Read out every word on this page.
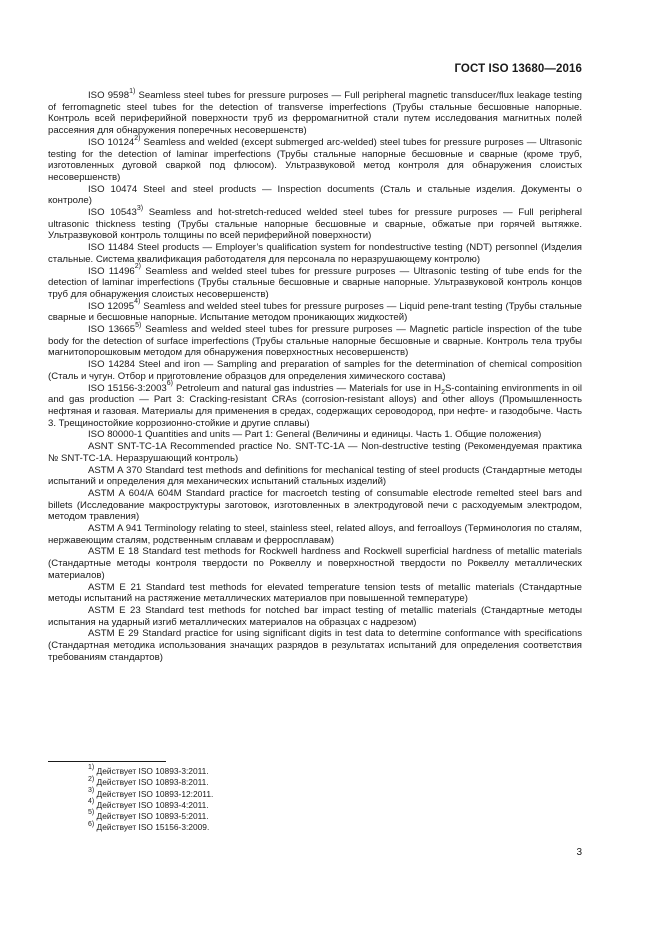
ГОСТ ISO 13680—2016

ISO 9598$^{1)}$ Seamless steel tubes for pressure purposes — Full peripheral magnetic transducer/flux leakage testing of ferromagnetic steel tubes for the detection of transverse imperfections (Трубы стальные бесшовные напорные. Контроль всей периферийной поверхности труб из ферромагнитной стали путем исследования магнитных полей рассеяния для обнаружения поперечных несовершенств)

ISO 10124$^{2)}$ Seamless and welded (except submerged arc-welded) steel tubes for pressure purposes — Ultrasonic testing for the detection of laminar imperfections (Трубы стальные напорные бесшовные и сварные (кроме труб, изготовленных дуговой сваркой под флюсом). Ультразвуковой метод контроля для обнаружения слоистых несовершенств)

ISO 10474 Steel and steel products — Inspection documents (Сталь и стальные изделия. Документы о контроле)

ISO 10543$^{3)}$ Seamless and hot-stretch-reduced welded steel tubes for pressure purposes — Full peripheral ultrasonic thickness testing (Трубы стальные напорные бесшовные и сварные, обжатые при горячей вытяжке. Ультразвуковой контроль толщины по всей периферийной поверхности)

ISO 11484 Steel products — Employer’s qualification system for nondestructive testing (NDT) personnel (Изделия стальные. Система квалификация работодателя для персонала по неразрушающему контролю)

ISO 11496$^{2)}$ Seamless and welded steel tubes for pressure purposes — Ultrasonic testing of tube ends for the detection of laminar imperfections (Трубы стальные бесшовные и сварные напорные. Ультразвуковой контроль концов труб для обнаружения слоистых несовершенств)

ISO 12095$^{4)}$ Seamless and welded steel tubes for pressure purposes — Liquid pene-trant testing (Трубы стальные сварные и бесшовные напорные. Испытание методом проникающих жидкостей)

ISO 13665$^{5)}$ Seamless and welded steel tubes for pressure purposes — Magnetic particle inspection of the tube body for the detection of surface imperfections (Трубы стальные напорные бесшовные и сварные. Контроль тела трубы магнитопорошковым методом для обнаружения поверхностных несовершенств)

ISO 14284 Steel and iron — Sampling and preparation of samples for the determination of chemical composition (Сталь и чугун. Отбор и приготовление образцов для определения химического состава)

ISO 15156-3:2003$^{6)}$ Petroleum and natural gas industries — Materials for use in $H_2S$-containing environments in oil and gas production — Part 3: Cracking-resistant CRAs (corrosion-resistant alloys) and other alloys (Промышленность нефтяная и газовая. Материалы для применения в средах, содержащих сероводород, при нефте- и газодобыче. Часть 3. Трещиностойкие коррозионно-стойкие и другие сплавы)

ISO 80000-1 Quantities and units — Part 1: General (Величины и единицы. Часть 1. Общие положения)

ASNT SNT-TC-1A Recommended practice No. SNT-TC-1A — Non-destructive testing (Рекомендуемая практика № SNT-TC-1A. Неразрушающий контроль)

ASTM A 370 Standard test methods and definitions for mechanical testing of steel products (Стандартные методы испытаний и определения для механических испытаний стальных изделий)

ASTM A 604/A 604M Standard practice for macroetch testing of consumable electrode remelted steel bars and billets (Исследование макроструктуры заготовок, изготовленных в электродуговой печи с расходуемым электродом, методом травления)

ASTM A 941 Terminology relating to steel, stainless steel, related alloys, and ferroalloys (Терминология по сталям, нержавеющим сталям, родственным сплавам и ферросплавам)

ASTM E 18 Standard test methods for Rockwell hardness and Rockwell superficial hardness of metallic materials (Стандартные методы контроля твердости по Роквеллу и поверхностной твердости по Роквеллу металлических материалов)

ASTM E 21 Standard test methods for elevated temperature tension tests of metallic materials (Стандартные методы испытаний на растяжение металлических материалов при повышенной температуре)

ASTM E 23 Standard test methods for notched bar impact testing of metallic materials (Стандартные методы испытания на ударный изгиб металлических материалов на образцах с надрезом)

ASTM E 29 Standard practice for using significant digits in test data to determine conformance with specifications (Стандартная методика использования значащих разрядов в результатах испытаний для определения соответствия требованиям стандартов)

$^{1)}$ Действует ISO 10893-3:2011.
$^{2)}$ Действует ISO 10893-8:2011.
$^{3)}$ Действует ISO 10893-12:2011.
$^{4)}$ Действует ISO 10893-4:2011.
$^{5)}$ Действует ISO 10893-5:2011.
$^{6)}$ Действует ISO 15156-3:2009.
3
